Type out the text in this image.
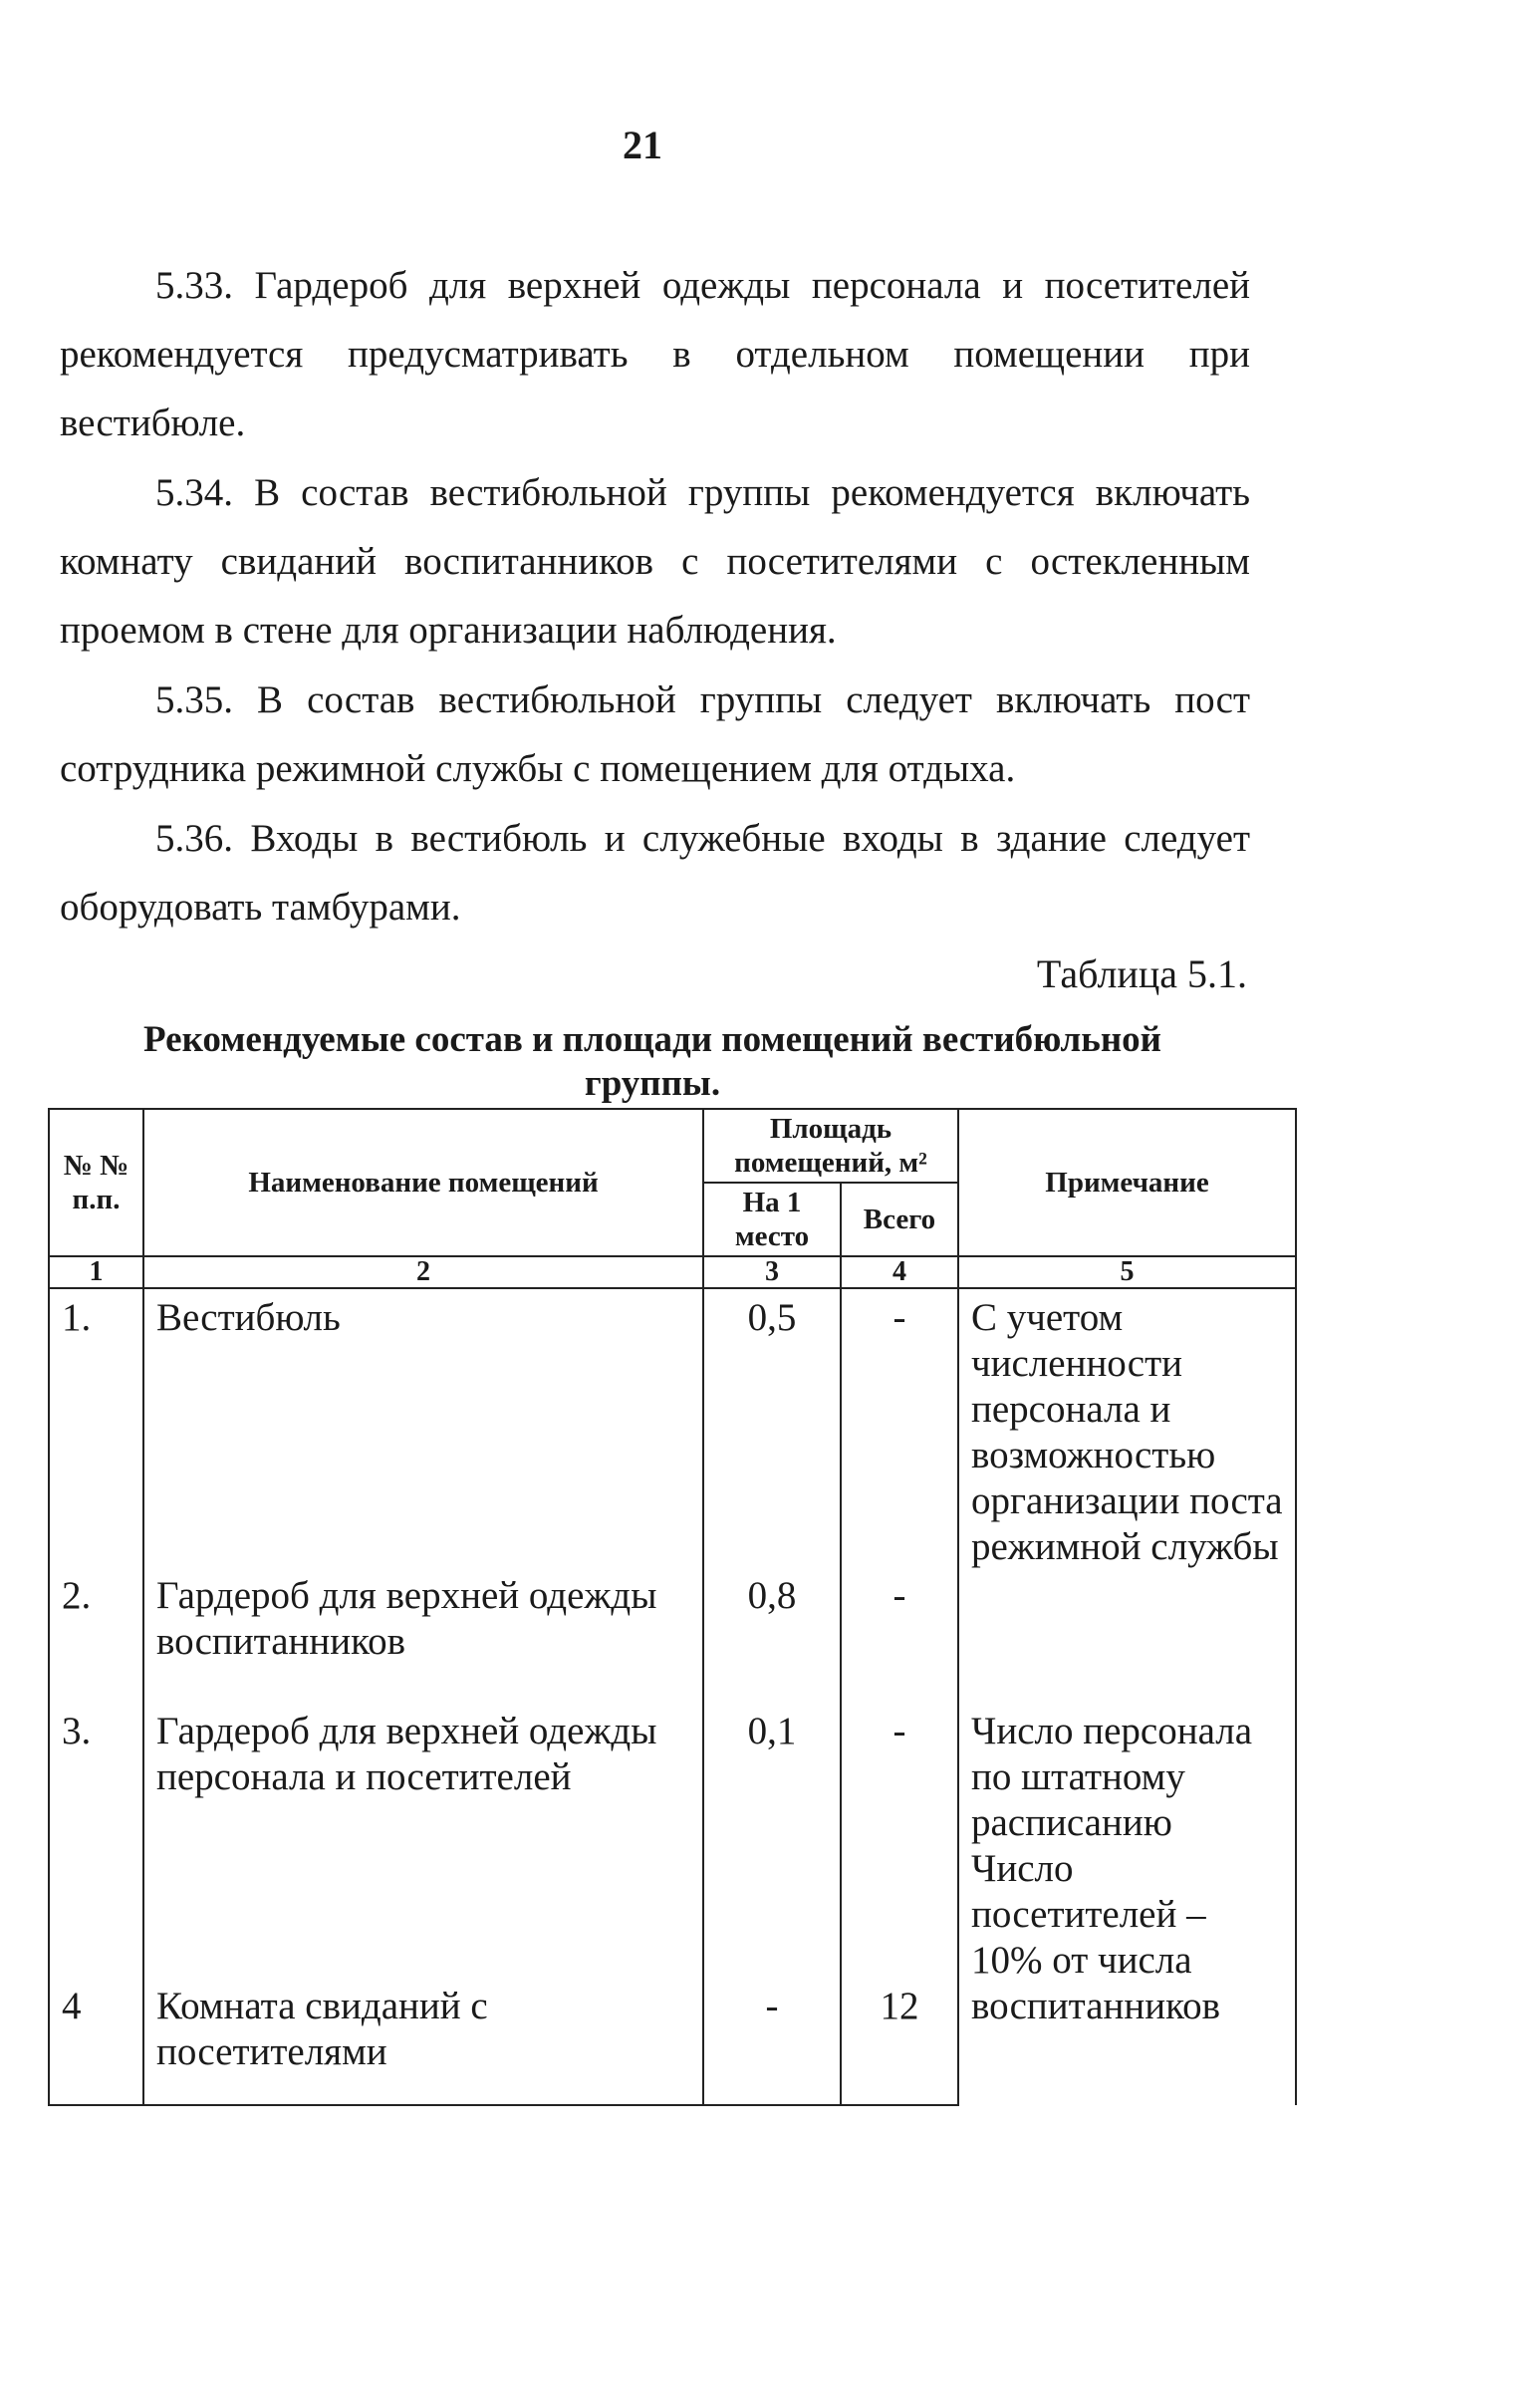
21

5.33. Гардероб для верхней одежды персонала и посетителей рекомендуется предусматривать в отдельном помещении при вестибюле.

5.34. В состав вестибюльной группы рекомендуется включать комнату свиданий воспитанников с посетителями с остекленным проемом в стене для организации наблюдения.

5.35. В состав вестибюльной группы следует включать пост сотрудника режимной службы с помещением для отдыха.

5.36. Входы в вестибюль и служебные входы в здание следует оборудовать тамбурами.

Таблица 5.1.
Рекомендуемые состав и площади помещений вестибюльной группы.
№ № п.п.	Наименование помещений	Площадь помещений, м²		Примечание
		На 1 место	Всего	
1	2	3	4	5
1.	Вестибюль	0,5	-	С учетом численности персонала и возможностью организации поста режимной службы
2.	Гардероб для верхней одежды воспитанников	0,8	-	
3.	Гардероб для верхней одежды персонала и посетителей	0,1	-	Число персонала по штатному расписанию Число посетителей – 10% от числа воспитанников
4	Комната свиданий с посетителями	-	12	
